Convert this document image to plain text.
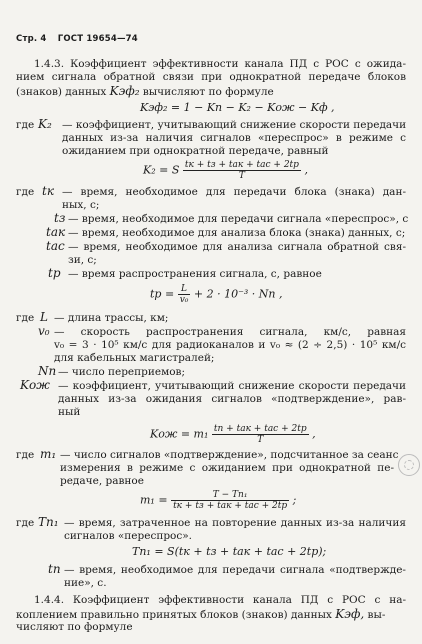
Стр. 4 ГОСТ 19654—74
1.4.3. Коэффициент эффективности канала ПД с РОС с ожида-
нием сигнала обратной связи при однократной передаче блоков
(знаков) данных Kэф₂ вычисляют по формуле
Kэф₂ = 1 − Kп − K₂ − Kож − Kф ,
где K₂ — коэффициент, учитывающий снижение скорости передачи
данных из-за наличия сигналов «переспрос» в режиме с
ожиданием при однократной передаче, равный
K₂ = S $\frac{\text{tк + tз + tак + tас + 2tр}}{T}$ ,
где tк — время, необходимое для передачи блока (знака) дан-
ных, с;
tз — время, необходимое для передачи сигнала «переспрос», с
tак — время, необходимое для анализа блока (знака) данных, с;
tас — время, необходимое для анализа сигнала обратной свя-
зи, с;
tр — время распространения сигнала, с, равное
tр = $\frac{L}{\text{v₀}} + 2 \cdot 10^{-3}$ · Nп ,
где L — длина трассы, км;
v₀ — скорость распространения сигнала, км/с, равная
v₀ = 3 · 10⁵ км/с для радиоканалов и v₀ ≈ (2 ÷ 2,5) · 10⁵ км/с
для кабельных магистралей;
Nп — число переприемов;
Kож — коэффициент, учитывающий снижение скорости передачи
данных из-за ожидания сигналов «подтверждение», рав-
ный
Kож = $m_1 \frac{\text{tп + tак + tас + 2tр}}{T}$ ,
где m₁ — число сигналов «подтверждение», подсчитанное за сеанс
измерения в режиме с ожиданием при однократной пе-
редаче, равное
$m_1 = \frac{\text{T − Tп₁}}{\text{tк + tз + tак + tас + 2tр}}$ ;
где Tп₁ — время, затраченное на повторение данных из-за наличия
сигналов «переспрос».
Tп₁ = S(tк + tз + tак + tас + 2tр);
tп — время, необходимое для передачи сигнала «подтвержде-
ние», с.
1.4.4. Коэффициент эффективности канала ПД с РОС с на-
коплением правильно принятых блоков (знаков) данных Kэф, вы-
числяют по формуле
